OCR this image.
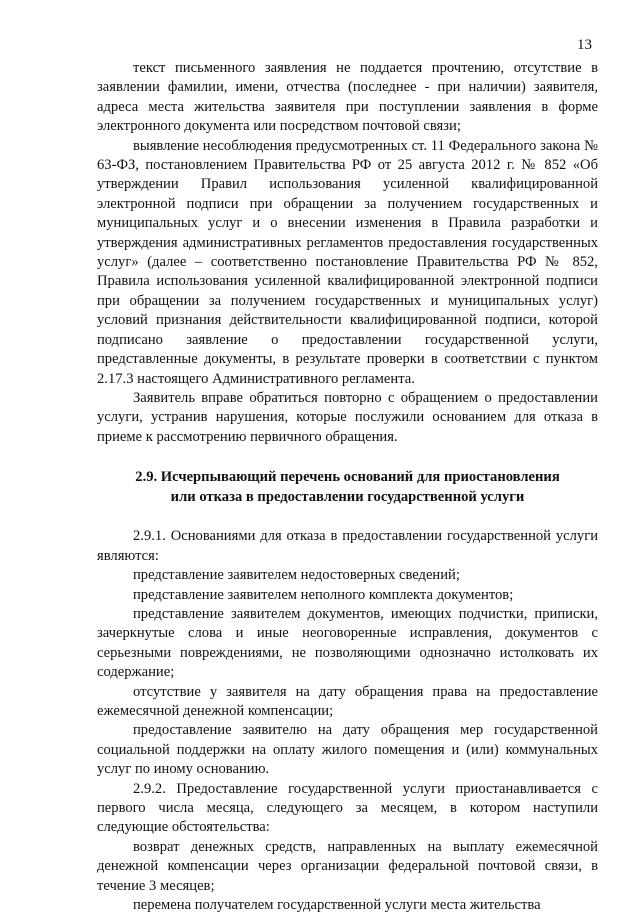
13

текст письменного заявления не поддается прочтению, отсутствие в заявлении фамилии, имени, отчества (последнее - при наличии) заявителя, адреса места жительства заявителя при поступлении заявления в форме электронного документа или посредством почтовой связи;

выявление несоблюдения предусмотренных ст. 11 Федерального закона № 63-ФЗ, постановлением Правительства РФ от 25 августа 2012 г. № 852 «Об утверждении Правил использования усиленной квалифицированной электронной подписи при обращении за получением государственных и муниципальных услуг и о внесении изменения в Правила разработки и утверждения административных регламентов предоставления государственных услуг» (далее – соответственно постановление Правительства РФ № 852, Правила использования усиленной квалифицированной электронной подписи при обращении за получением государственных и муниципальных услуг) условий признания действительности квалифицированной подписи, которой подписано заявление о предоставлении государственной услуги, представленные документы, в результате проверки в соответствии с пунктом 2.17.3 настоящего Административного регламента.

Заявитель вправе обратиться повторно с обращением о предоставлении услуги, устранив нарушения, которые послужили основанием для отказа в приеме к рассмотрению первичного обращения.

2.9. Исчерпывающий перечень оснований для приостановления
или отказа в предоставлении государственной услуги

2.9.1. Основаниями для отказа в предоставлении государственной услуги являются:

представление заявителем недостоверных сведений;

представление заявителем неполного комплекта документов;

представление заявителем документов, имеющих подчистки, приписки, зачеркнутые слова и иные неоговоренные исправления, документов с серьезными повреждениями, не позволяющими однозначно истолковать их содержание;

отсутствие у заявителя на дату обращения права на предоставление ежемесячной денежной компенсации;

предоставление заявителю на дату обращения мер государственной социальной поддержки на оплату жилого помещения и (или) коммунальных услуг по иному основанию.

2.9.2. Предоставление государственной услуги приостанавливается с первого числа месяца, следующего за месяцем, в котором наступили следующие обстоятельства:

возврат денежных средств, направленных на выплату ежемесячной денежной компенсации через организации федеральной почтовой связи, в течение 3 месяцев;

перемена получателем государственной услуги места жительства
